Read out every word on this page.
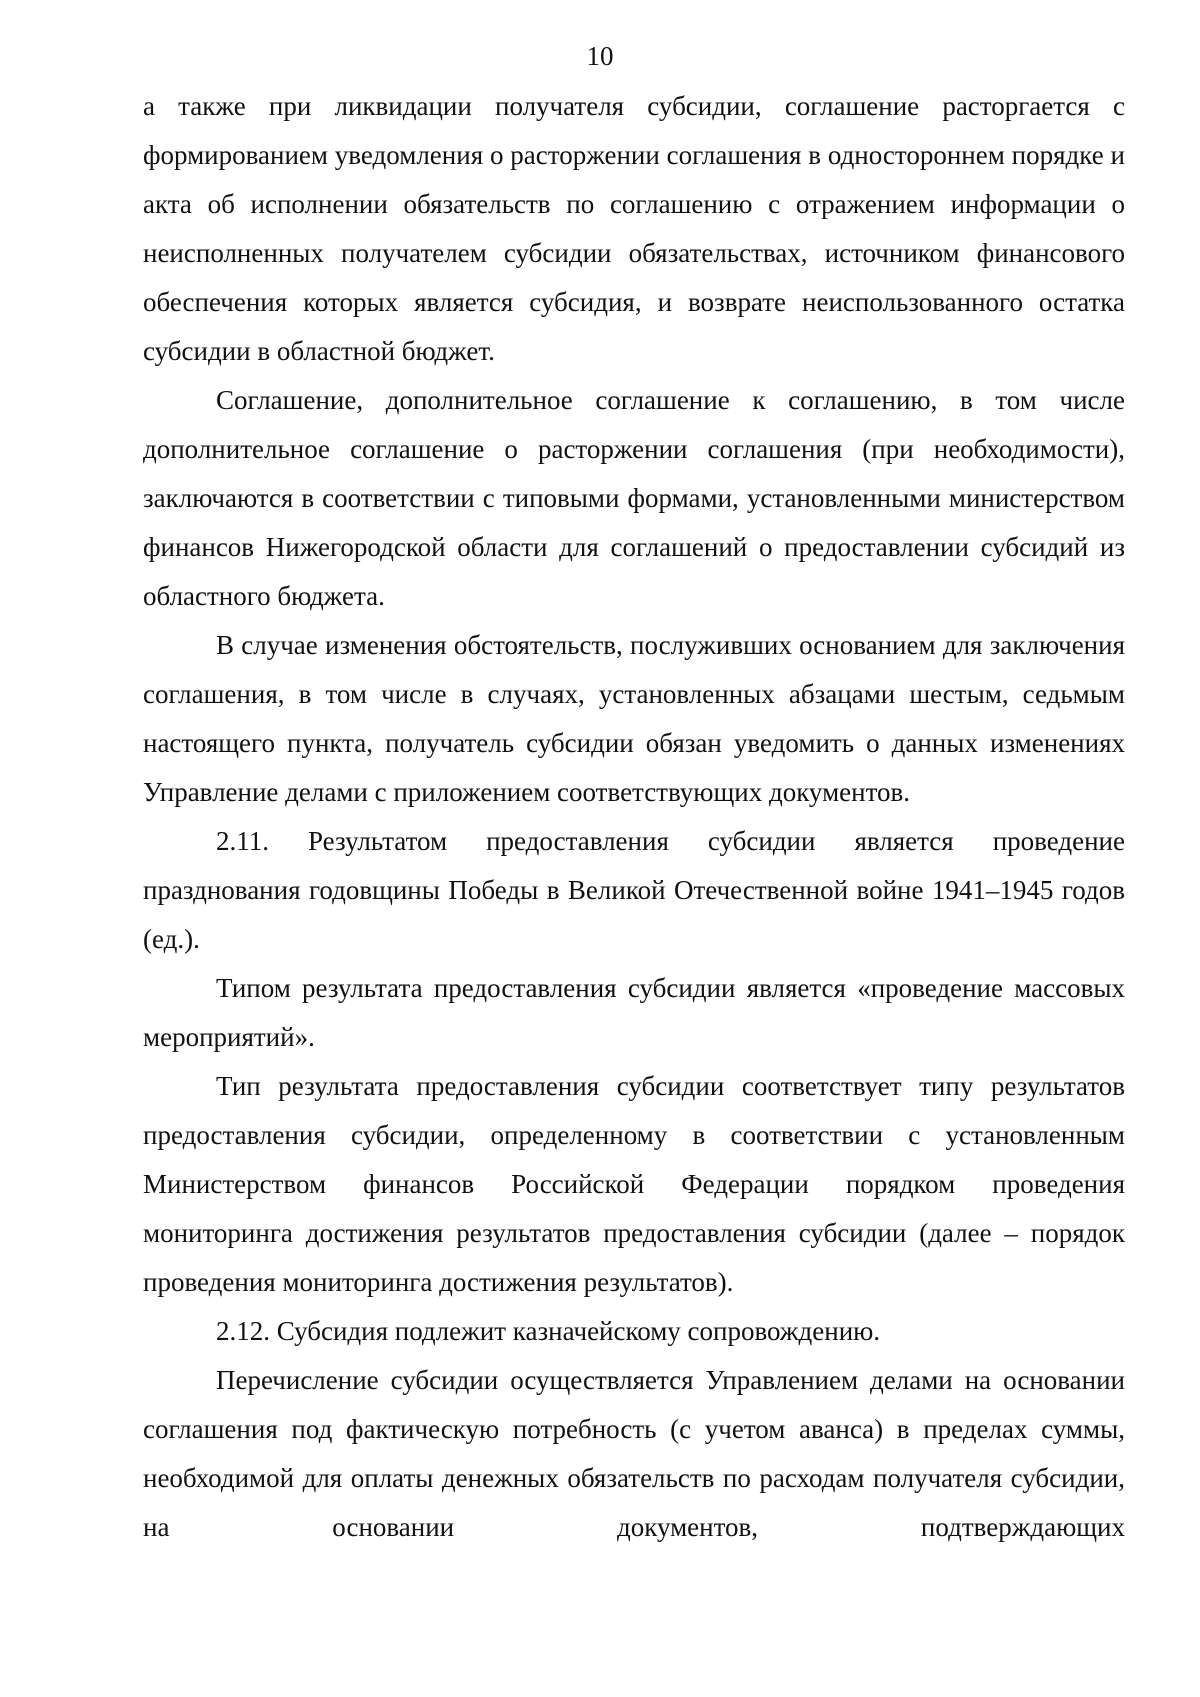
10

а также при ликвидации получателя субсидии, соглашение расторгается с формированием уведомления о расторжении соглашения в одностороннем порядке и акта об исполнении обязательств по соглашению с отражением информации о неисполненных получателем субсидии обязательствах, источником финансового обеспечения которых является субсидия, и возврате неиспользованного остатка субсидии в областной бюджет.

Соглашение, дополнительное соглашение к соглашению, в том числе дополнительное соглашение о расторжении соглашения (при необходимости), заключаются в соответствии с типовыми формами, установленными министерством финансов Нижегородской области для соглашений о предоставлении субсидий из областного бюджета.

В случае изменения обстоятельств, послуживших основанием для заключения соглашения, в том числе в случаях, установленных абзацами шестым, седьмым настоящего пункта, получатель субсидии обязан уведомить о данных изменениях Управление делами с приложением соответствующих документов.

2.11. Результатом предоставления субсидии является проведение празднования годовщины Победы в Великой Отечественной войне 1941–1945 годов (ед.).

Типом результата предоставления субсидии является «проведение массовых мероприятий».

Тип результата предоставления субсидии соответствует типу результатов предоставления субсидии, определенному в соответствии с установленным Министерством финансов Российской Федерации порядком проведения мониторинга достижения результатов предоставления субсидии (далее – порядок проведения мониторинга достижения результатов).

2.12. Субсидия подлежит казначейскому сопровождению.

Перечисление субсидии осуществляется Управлением делами на основании соглашения под фактическую потребность (с учетом аванса) в пределах суммы, необходимой для оплаты денежных обязательств по расходам получателя субсидии, на основании документов, подтверждающих
